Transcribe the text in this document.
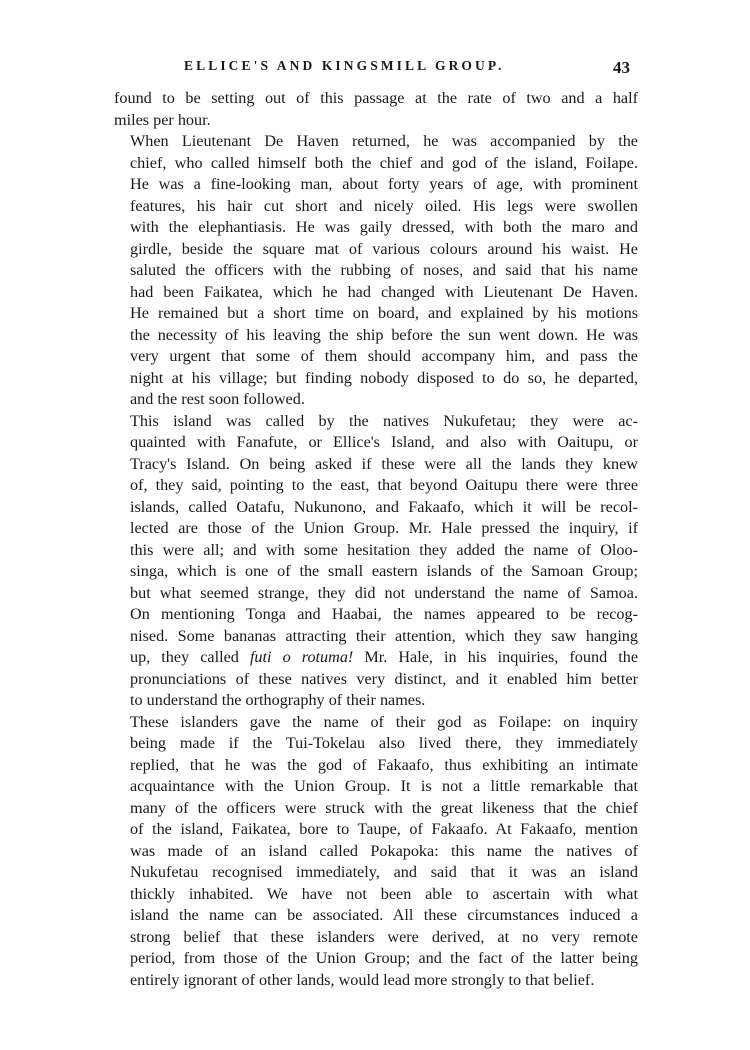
ELLICE'S AND KINGSMILL GROUP.	43

found to be setting out of this passage at the rate of two and a half
miles per hour.

When Lieutenant De Haven returned, he was accompanied by the
chief, who called himself both the chief and god of the island, Foilape.
He was a fine-looking man, about forty years of age, with prominent
features, his hair cut short and nicely oiled. His legs were swollen
with the elephantiasis. He was gaily dressed, with both the maro and
girdle, beside the square mat of various colours around his waist. He
saluted the officers with the rubbing of noses, and said that his name
had been Faikatea, which he had changed with Lieutenant De Haven.
He remained but a short time on board, and explained by his motions
the necessity of his leaving the ship before the sun went down. He was
very urgent that some of them should accompany him, and pass the
night at his village; but finding nobody disposed to do so, he departed,
and the rest soon followed.

This island was called by the natives Nukufetau; they were ac-
quainted with Fanafute, or Ellice's Island, and also with Oaitupu, or
Tracy's Island. On being asked if these were all the lands they knew
of, they said, pointing to the east, that beyond Oaitupu there were three
islands, called Oatafu, Nukunono, and Fakaafo, which it will be recol-
lected are those of the Union Group. Mr. Hale pressed the inquiry, if
this were all; and with some hesitation they added the name of Oloo-
singa, which is one of the small eastern islands of the Samoan Group;
but what seemed strange, they did not understand the name of Samoa.
On mentioning Tonga and Haabai, the names appeared to be recog-
nised. Some bananas attracting their attention, which they saw hanging
up, they called futi o rotuma! Mr. Hale, in his inquiries, found the
pronunciations of these natives very distinct, and it enabled him better
to understand the orthography of their names.

These islanders gave the name of their god as Foilape: on inquiry
being made if the Tui-Tokelau also lived there, they immediately
replied, that he was the god of Fakaafo, thus exhibiting an intimate
acquaintance with the Union Group. It is not a little remarkable that
many of the officers were struck with the great likeness that the chief
of the island, Faikatea, bore to Taupe, of Fakaafo. At Fakaafo, mention
was made of an island called Pokapoka: this name the natives of
Nukufetau recognised immediately, and said that it was an island
thickly inhabited. We have not been able to ascertain with what
island the name can be associated. All these circumstances induced a
strong belief that these islanders were derived, at no very remote
period, from those of the Union Group; and the fact of the latter being
entirely ignorant of other lands, would lead more strongly to that belief.
